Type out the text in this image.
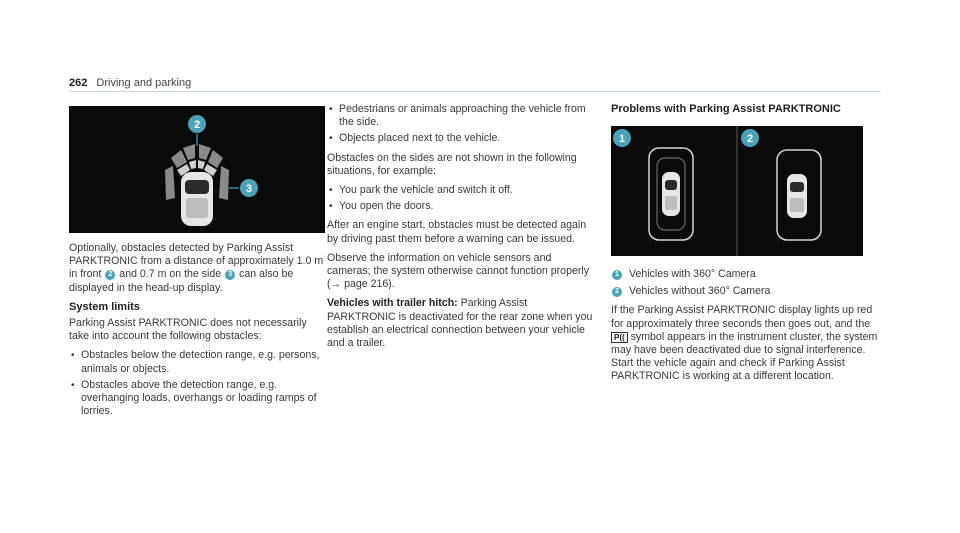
262 Driving and parking
2
3

Optionally, obstacles detected by Parking Assist PARKTRONIC from a distance of approximately 1.0 m in front 2 and 0.7 m on the side 3 can also be displayed in the head-up display.

System limits

Parking Assist PARKTRONIC does not necessarily take into account the following obstacles:

• Obstacles below the detection range, e.g. persons, animals or objects.
• Obstacles above the detection range, e.g. overhanging loads, overhangs or loading ramps of lorries.
• Pedestrians or animals approaching the vehicle from the side.
• Objects placed next to the vehicle.

Obstacles on the sides are not shown in the following situations, for example:

• You park the vehicle and switch it off.
• You open the doors.

After an engine start, obstacles must be detected again by driving past them before a warning can be issued.

Observe the information on vehicle sensors and cameras; the system otherwise cannot function properly (→ page 216).

Vehicles with trailer hitch: Parking Assist PARKTRONIC is deactivated for the rear zone when you establish an electrical connection between your vehicle and a trailer.

Problems with Parking Assist PARKTRONIC
1	2
1 Vehicles with 360° Camera
2 Vehicles without 360° Camera

If the Parking Assist PARKTRONIC display lights up red for approximately three seconds then goes out, and the P(( symbol appears in the instrument cluster, the system may have been deactivated due to signal interference. Start the vehicle again and check if Parking Assist PARKTRONIC is working at a different location.
